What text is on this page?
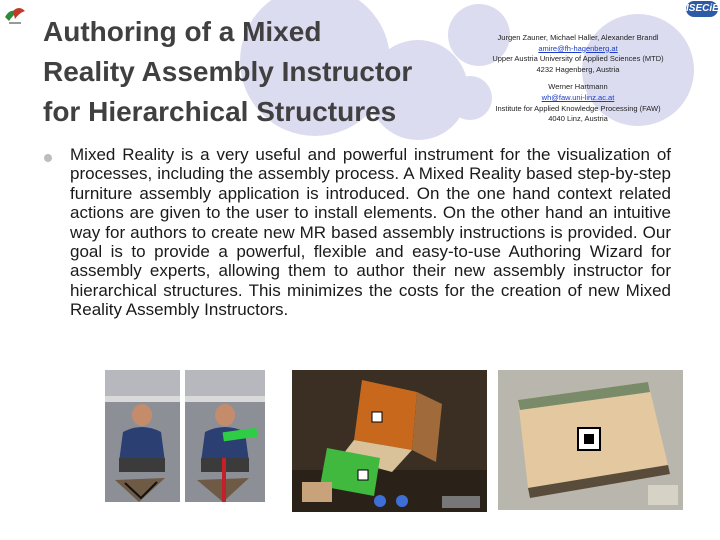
ISECiE
Authoring of a Mixed
Reality Assembly Instructor
for Hierarchical Structures
Jurgen Zauner, Michael Haller, Alexander Brandl
amire@fh-hagenberg.at
Upper Austria University of Applied Sciences (MTD)
4232 Hagenberg, Austria
Werner Hartmann
wh@faw.uni-linz.ac.at
Institute for Applied Knowledge Processing (FAW)
4040 Linz, Austria

Mixed Reality is a very useful and powerful instrument for the visualization of processes, including the assembly process. A Mixed Reality based step-by-step furniture assembly application is introduced. On the one hand context related actions are given to the user to install elements. On the other hand an intuitive way for authors to create new MR based assembly instructions is provided. Our goal is to provide a powerful, flexible and easy-to-use Authoring Wizard for assembly experts, allowing them to author their new assembly instructor for hierarchical structures. This minimizes the costs for the creation of new Mixed Reality Assembly Instructors.
